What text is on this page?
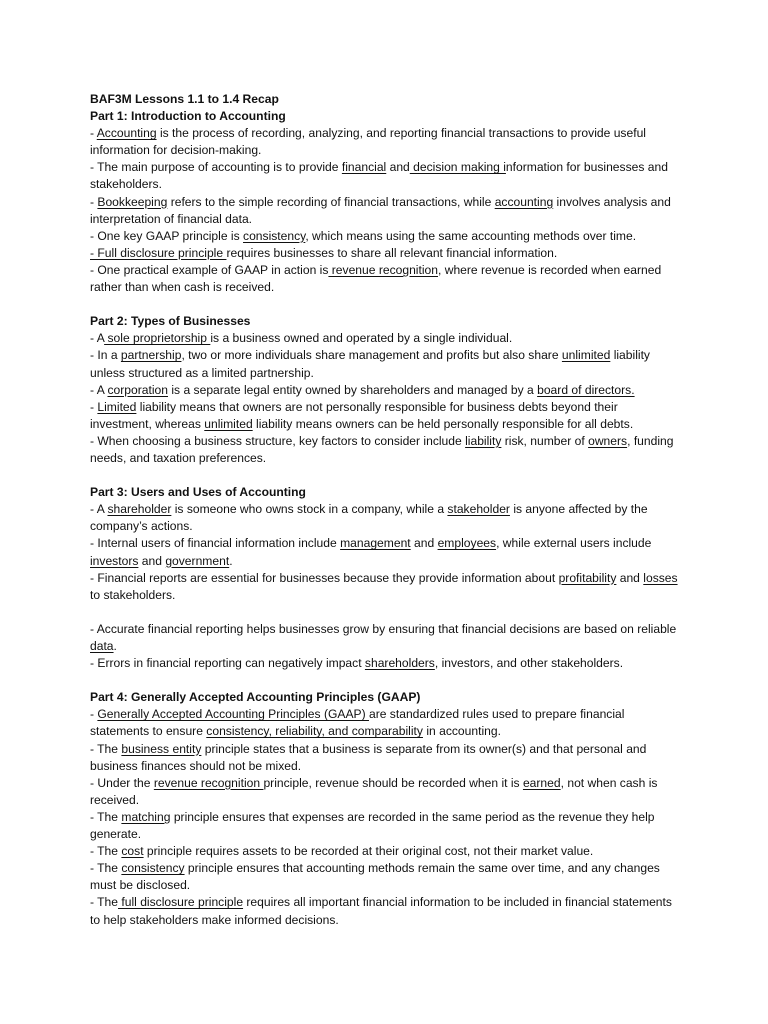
BAF3M Lessons 1.1 to 1.4 Recap
Part 1: Introduction to Accounting

- Accounting is the process of recording, analyzing, and reporting financial transactions to provide useful information for decision-making.

- The main purpose of accounting is to provide financial and decision making information for businesses and stakeholders.

- Bookkeeping refers to the simple recording of financial transactions, while accounting involves analysis and interpretation of financial data.

- One key GAAP principle is consistency, which means using the same accounting methods over time.

- Full disclosure principle requires businesses to share all relevant financial information.

- One practical example of GAAP in action is revenue recognition, where revenue is recorded when earned rather than when cash is received.

Part 2: Types of Businesses

- A sole proprietorship is a business owned and operated by a single individual.

- In a partnership, two or more individuals share management and profits but also share unlimited liability unless structured as a limited partnership.

- A corporation is a separate legal entity owned by shareholders and managed by a board of directors.

- Limited liability means that owners are not personally responsible for business debts beyond their investment, whereas unlimited liability means owners can be held personally responsible for all debts.

- When choosing a business structure, key factors to consider include liability risk, number of owners, funding needs, and taxation preferences.

Part 3: Users and Uses of Accounting

- A shareholder is someone who owns stock in a company, while a stakeholder is anyone affected by the company’s actions.

- Internal users of financial information include management and employees, while external users include investors and government.

- Financial reports are essential for businesses because they provide information about profitability and losses to stakeholders.

- Accurate financial reporting helps businesses grow by ensuring that financial decisions are based on reliable data.

- Errors in financial reporting can negatively impact shareholders, investors, and other stakeholders.

Part 4: Generally Accepted Accounting Principles (GAAP)

- Generally Accepted Accounting Principles (GAAP) are standardized rules used to prepare financial statements to ensure consistency, reliability, and comparability in accounting.

- The business entity principle states that a business is separate from its owner(s) and that personal and business finances should not be mixed.

- Under the revenue recognition principle, revenue should be recorded when it is earned, not when cash is received.

- The matching principle ensures that expenses are recorded in the same period as the revenue they help generate.

- The cost principle requires assets to be recorded at their original cost, not their market value.

- The consistency principle ensures that accounting methods remain the same over time, and any changes must be disclosed.

- The full disclosure principle requires all important financial information to be included in financial statements to help stakeholders make informed decisions.
